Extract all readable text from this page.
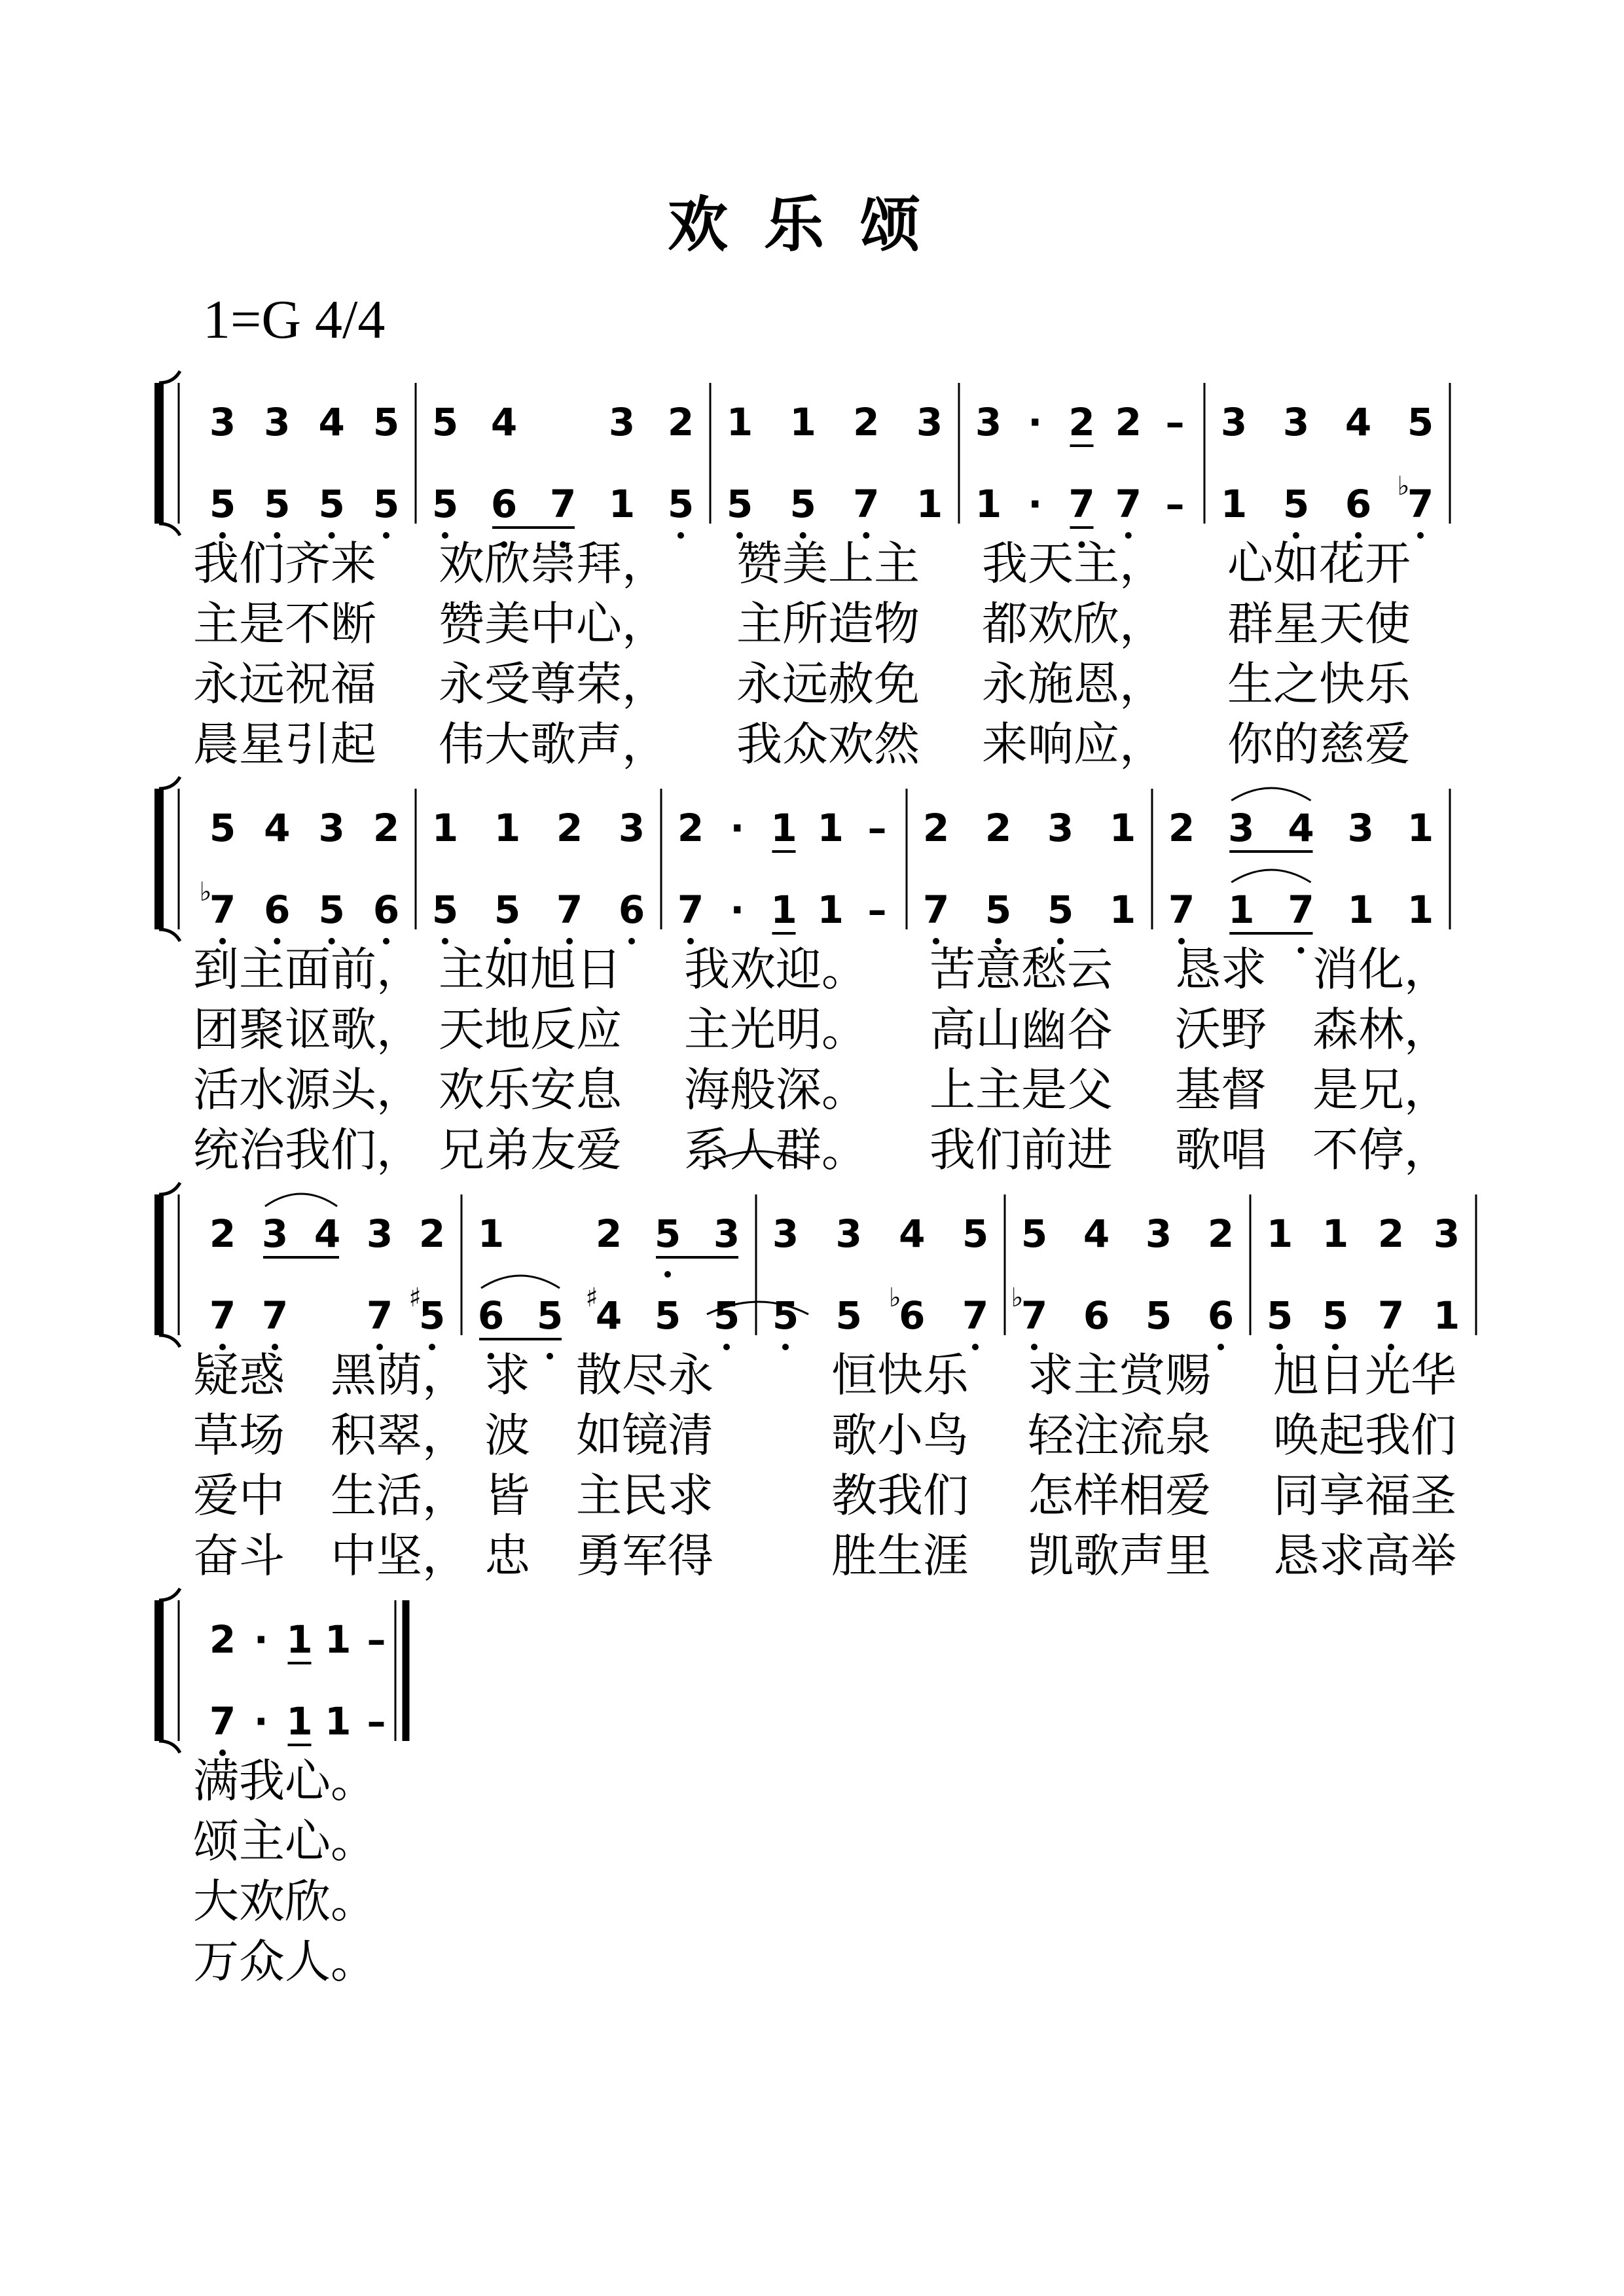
欢乐颂
1=G 4/4
3 3 4 5
5 5 5 5
5 4 3 2
5 6 7 1 5
1 1 2 3
5 5 7 1
3 · 2 2 –
1 · 7 7 –
3 3 4 5
1 5 6 7
♭
我们齐来 欢欣崇拜， 赞美上主 我天主， 心如花开
主是不断 赞美中心， 主所造物 都欢欣， 群星天使
永远祝福 永受尊荣， 永远赦免 永施恩， 生之快乐
晨星引起 伟大歌声， 我众欢然 来响应， 你的慈爱
5 4 3 2
7
♭ 6 5 6
1 1 2 3
5 5 7 6
2 · 1 1 –
7 · 1 1 –
2 2 3 1
7 5 5 1
2 3 4 3 1
7 1 7 1 1
到主面前， 主如旭日 我欢迎。 苦意愁云 恳求　消化，
团聚讴歌， 天地反应 主光明。 高山幽谷 沃野　森林，
活水源头， 欢乐安息 海般深。 上主是父 基督　是兄，
统治我们， 兄弟友爱 系人群。 我们前进 歌唱　不停，
2 3 4 3 2
7 7 7 5
♯
1 2 5 3
6 5 4
♯ 5 5
3 3 4 5
5 5 6
♭ 7
5 4 3 2
7
♭ 6 5 6
1 1 2 3
5 5 7 1
疑惑　黑荫， 求　散尽永	恒快乐 求主赏赐 旭日光华
草场　积翠， 波　如镜清	歌小鸟 轻注流泉 唤起我们
爱中　生活， 皆　主民求	教我们 怎样相爱 同享福圣
奋斗　中坚， 忠　勇军得	胜生涯 凯歌声里 恳求高举
2 · 1 1 –
7 · 1 1 –
满我心。
颂主心。
大欢欣。
万众人。
